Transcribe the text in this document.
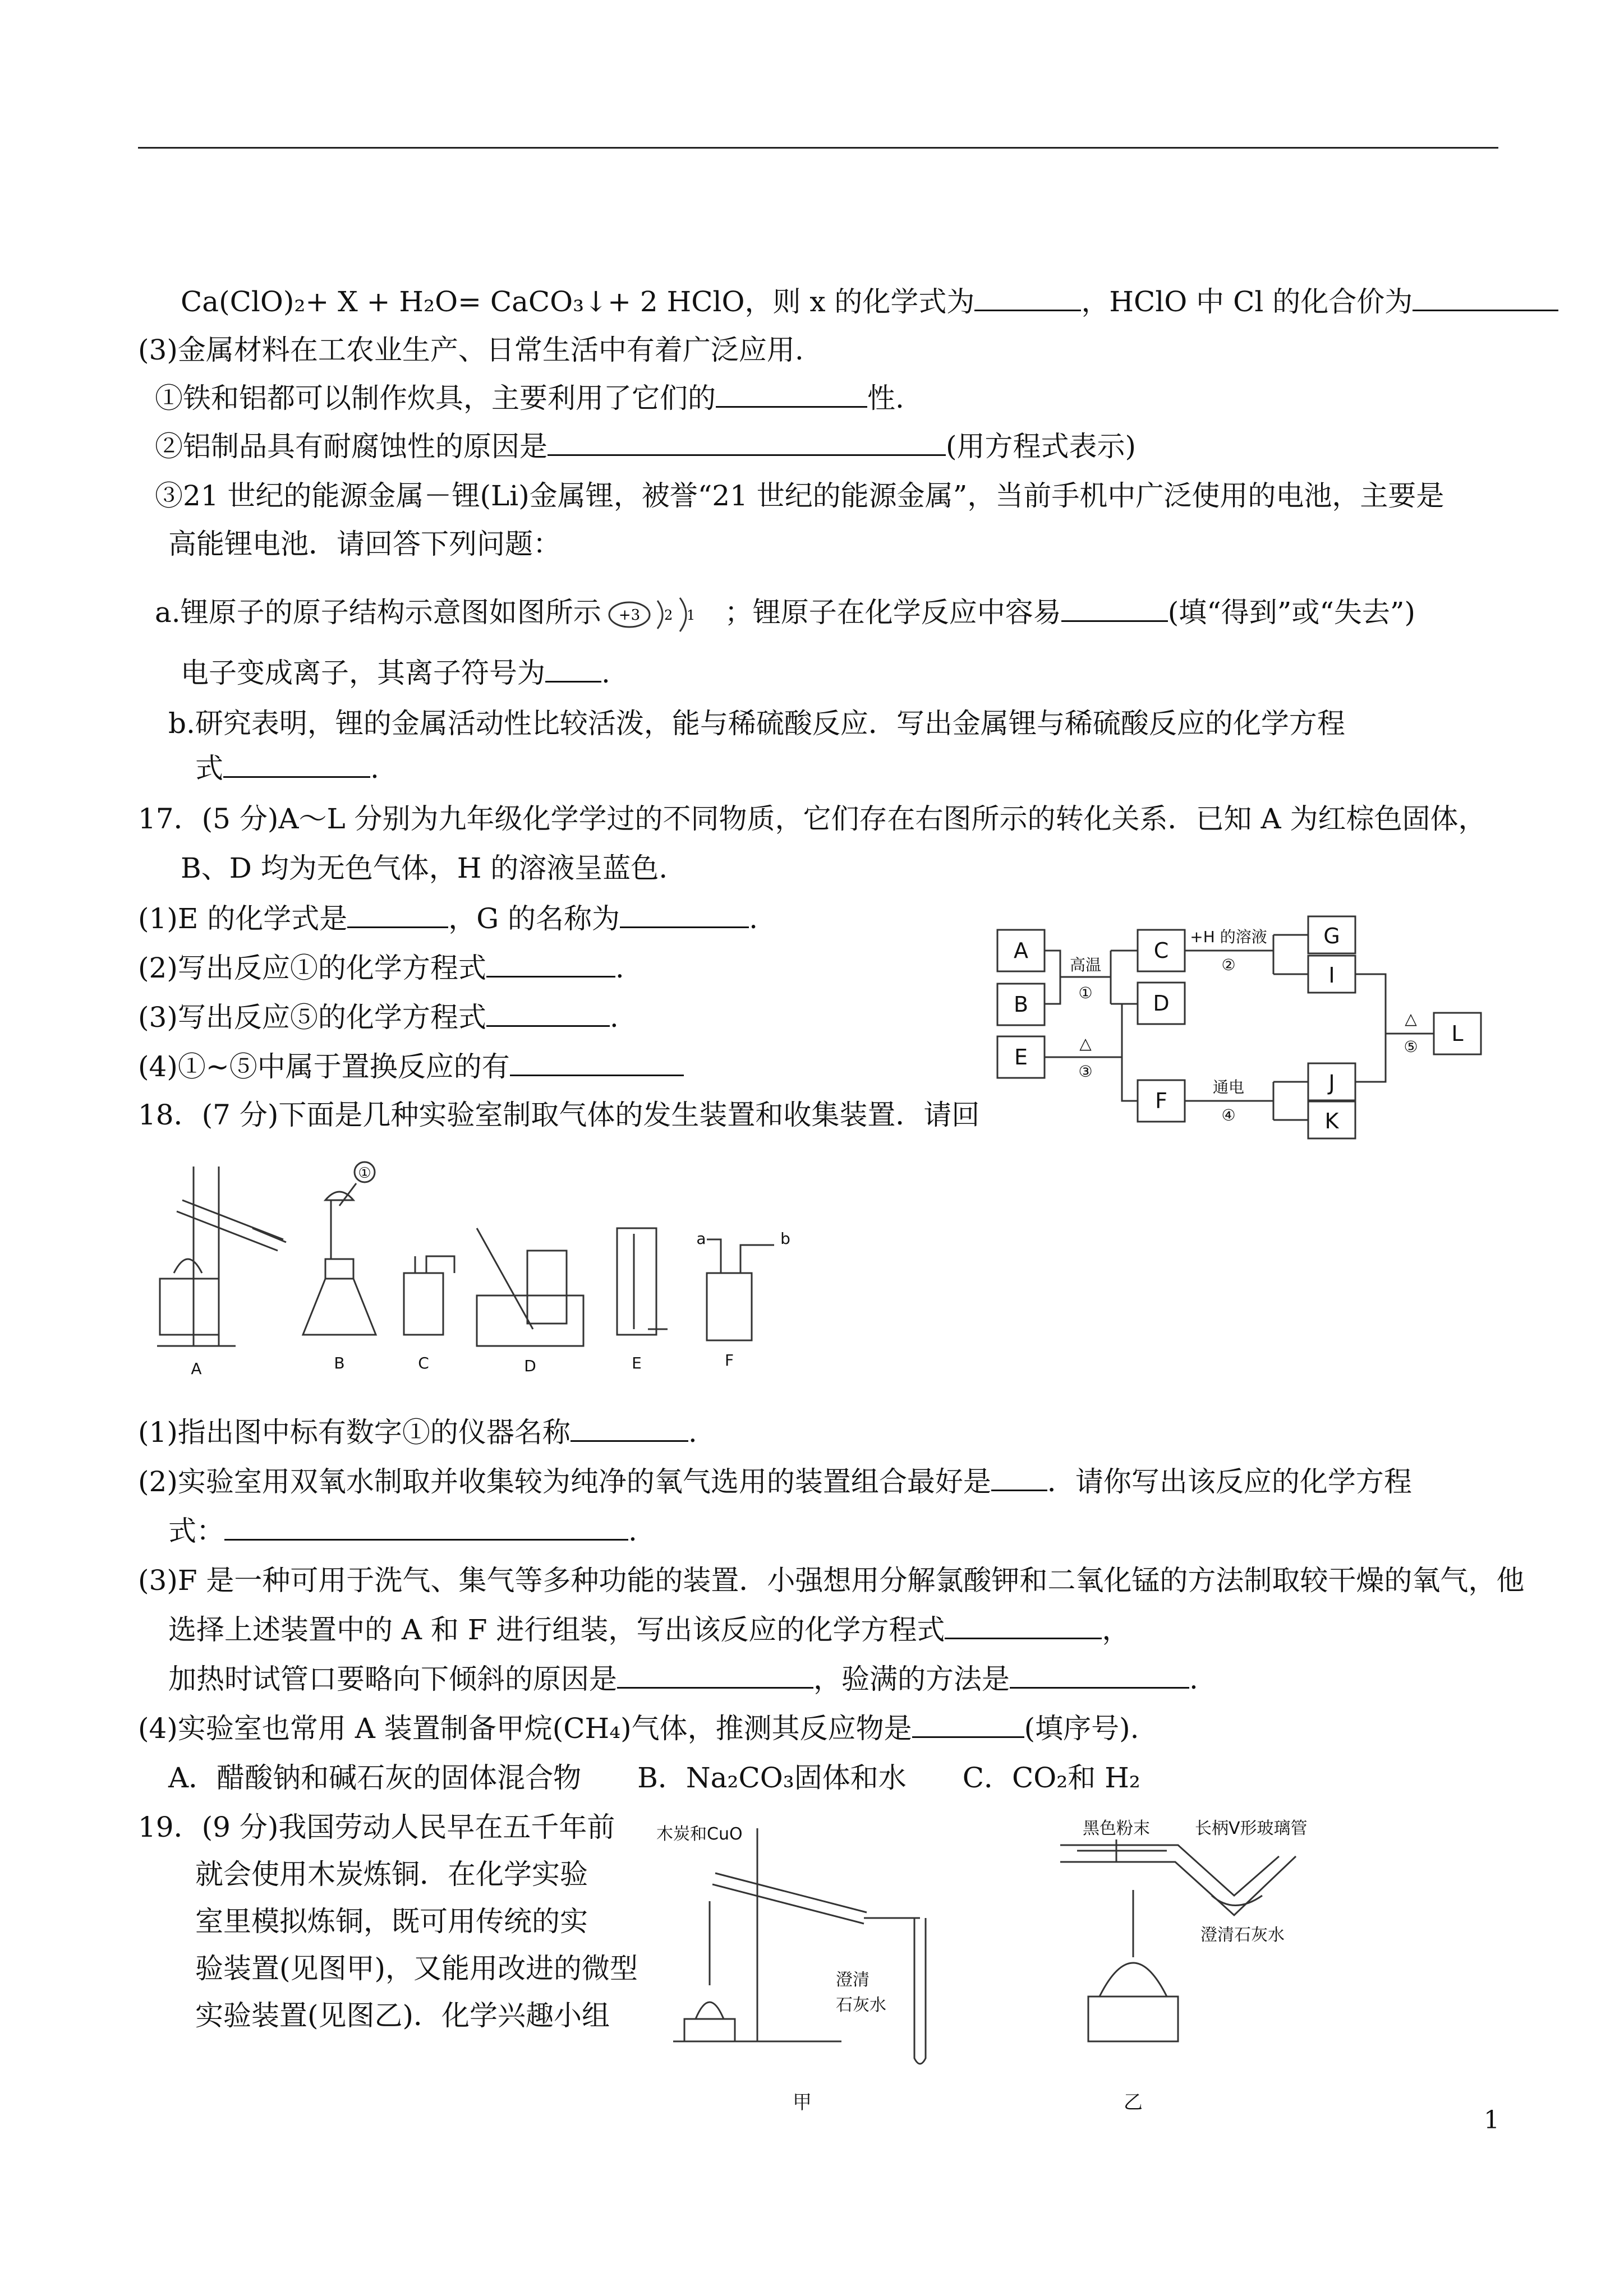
Ca(ClO)₂+ X + H₂O= CaCO₃↓+ 2 HClO，则 x 的化学式为	，HClO 中 Cl 的化合价为
(3)金属材料在工农业生产、日常生活中有着广泛应用.
①铁和铝都可以制作炊具，主要利用了它们的	性.
②铝制品具有耐腐蚀性的原因是	(用方程式表示)
③21 世纪的能源金属－锂(Li)金属锂，被誉“21 世纪的能源金属”，当前手机中广泛使用的电池，主要是
高能锂电池．请回答下列问题：
a.锂原子的原子结构示意图如图所示 +3 2 1 ；锂原子在化学反应中容易	(填“得到”或“失去”)
电子变成离子，其离子符号为 .
b.研究表明，锂的金属活动性比较活泼，能与稀硫酸反应．写出金属锂与稀硫酸反应的化学方程
式	.
17．(5 分)A～L 分别为九年级化学学过的不同物质，它们存在右图所示的转化关系．已知 A 为红棕色固体，
B、D 均为无色气体，H 的溶液呈蓝色.
(1)E 的化学式是	，G 的名称为	.
(2)写出反应①的化学方程式	.
(3)写出反应⑤的化学方程式	.
(4)①~⑤中属于置换反应的有
A
B
E
C
D
F
G
I
J
K
L
高温
①
△
③
+H 的溶液
②
通电
④
△
⑤
18．(7 分)下面是几种实验室制取气体的发生装置和收集装置．请回
①
A	B	C	D	E	F
a	b
(1)指出图中标有数字①的仪器名称	.
(2)实验室用双氧水制取并收集较为纯净的氧气选用的装置组合最好是 ．请你写出该反应的化学方程
式：	.
(3)F 是一种可用于洗气、集气等多种功能的装置．小强想用分解氯酸钾和二氧化锰的方法制取较干燥的氧气，他
选择上述装置中的 A 和 F 进行组装，写出该反应的化学方程式	，
加热时试管口要略向下倾斜的原因是	，验满的方法是	.
(4)实验室也常用 A 装置制备甲烷(CH₄)气体，推测其反应物是	(填序号).
A．醋酸钠和碱石灰的固体混合物　　B．Na₂CO₃固体和水　　C．CO₂和 H₂
19．(9 分)我国劳动人民早在五千年前
就会使用木炭炼铜．在化学实验
室里模拟炼铜，既可用传统的实
验装置(见图甲)，又能用改进的微型
实验装置(见图乙)．化学兴趣小组
木炭和CuO
澄清
石灰水
甲
黑色粉末	长柄V形玻璃管
澄清石灰水
乙
1
